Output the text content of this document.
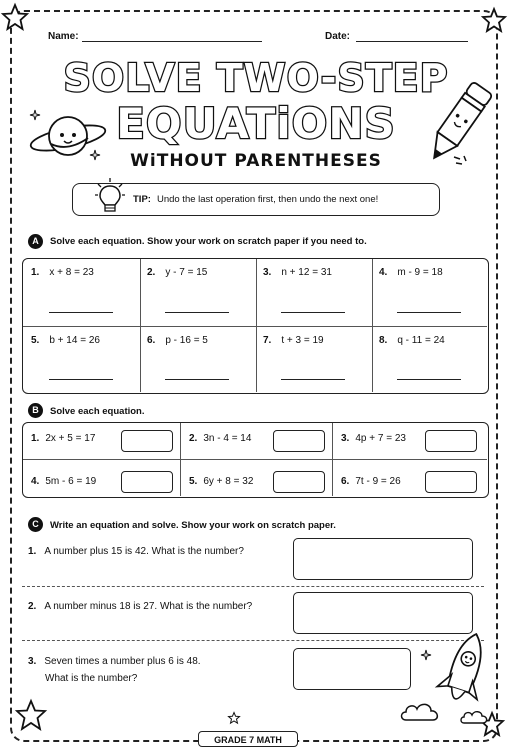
Name:	Date:
SOLVE TWO-STEP
EQUATiONS
WiTHOUT PARENTHESES
TIP: Undo the last operation first, then undo the next one!
A	Solve each equation. Show your work on scratch paper if you need to.
1. x + 8 = 23	2. y - 7 = 15	3. n + 12 = 31	4. m - 9 = 18
5. b + 14 = 26	6. p - 16 = 5	7. t + 3 = 19	8. q - 11 = 24
B	Solve each equation.
1. 2x + 5 = 17	2. 3n - 4 = 14	3. 4p + 7 = 23
4. 5m - 6 = 19	5. 6y + 8 = 32	6. 7t - 9 = 26
C	Write an equation and solve. Show your work on scratch paper.
1. A number plus 15 is 42. What is the number?
2. A number minus 18 is 27. What is the number?
3. Seven times a number plus 6 is 48.
What is the number?
GRADE 7 MATH
